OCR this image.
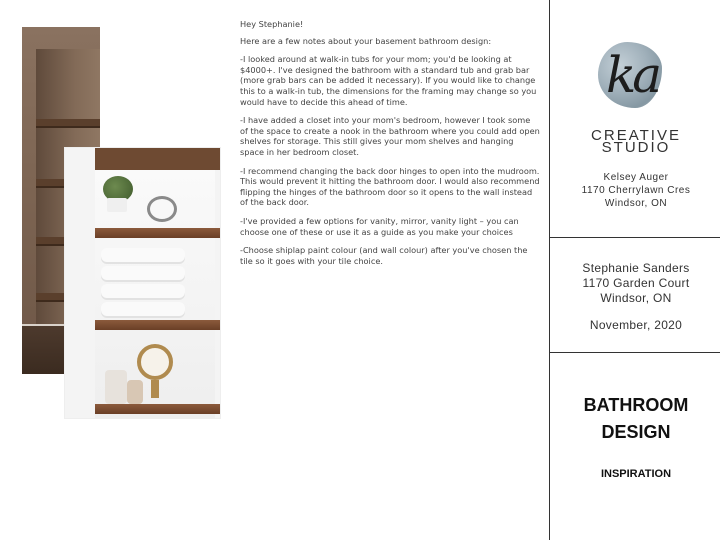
Hey Stephanie!

Here are a few notes about your basement bathroom design:

-I looked around at walk-in tubs for your mom; you'd be looking at $4000+. I've designed the bathroom with a standard tub and grab bar (more grab bars can be added it necessary). If you would like to change this to a walk-in tub, the dimensions for the framing may change so you would have to decide this ahead of time.

-I have added a closet into your mom's bedroom, however I took some of the space to create a nook in the bathroom where you could add open shelves for storage. This still gives your mom shelves and hanging space in her bedroom closet.

-I recommend changing the back door hinges to open into the mudroom. This would prevent it hitting the bathroom door. I would also recommend flipping the hinges of the bathroom door so it opens to the wall instead of the back door.

-I've provided a few options for vanity, mirror, vanity light – you can choose one of these or use it as a guide as you make your choices

-Choose shiplap paint colour (and wall colour) after you've chosen the tile so it goes with your tile choice.

ka
CREATIVE
STUDIO
Kelsey Auger
1170 Cherrylawn Cres
Windsor, ON
Stephanie Sanders
1170 Garden Court
Windsor, ON
November, 2020
BATHROOM
DESIGN
INSPIRATION
